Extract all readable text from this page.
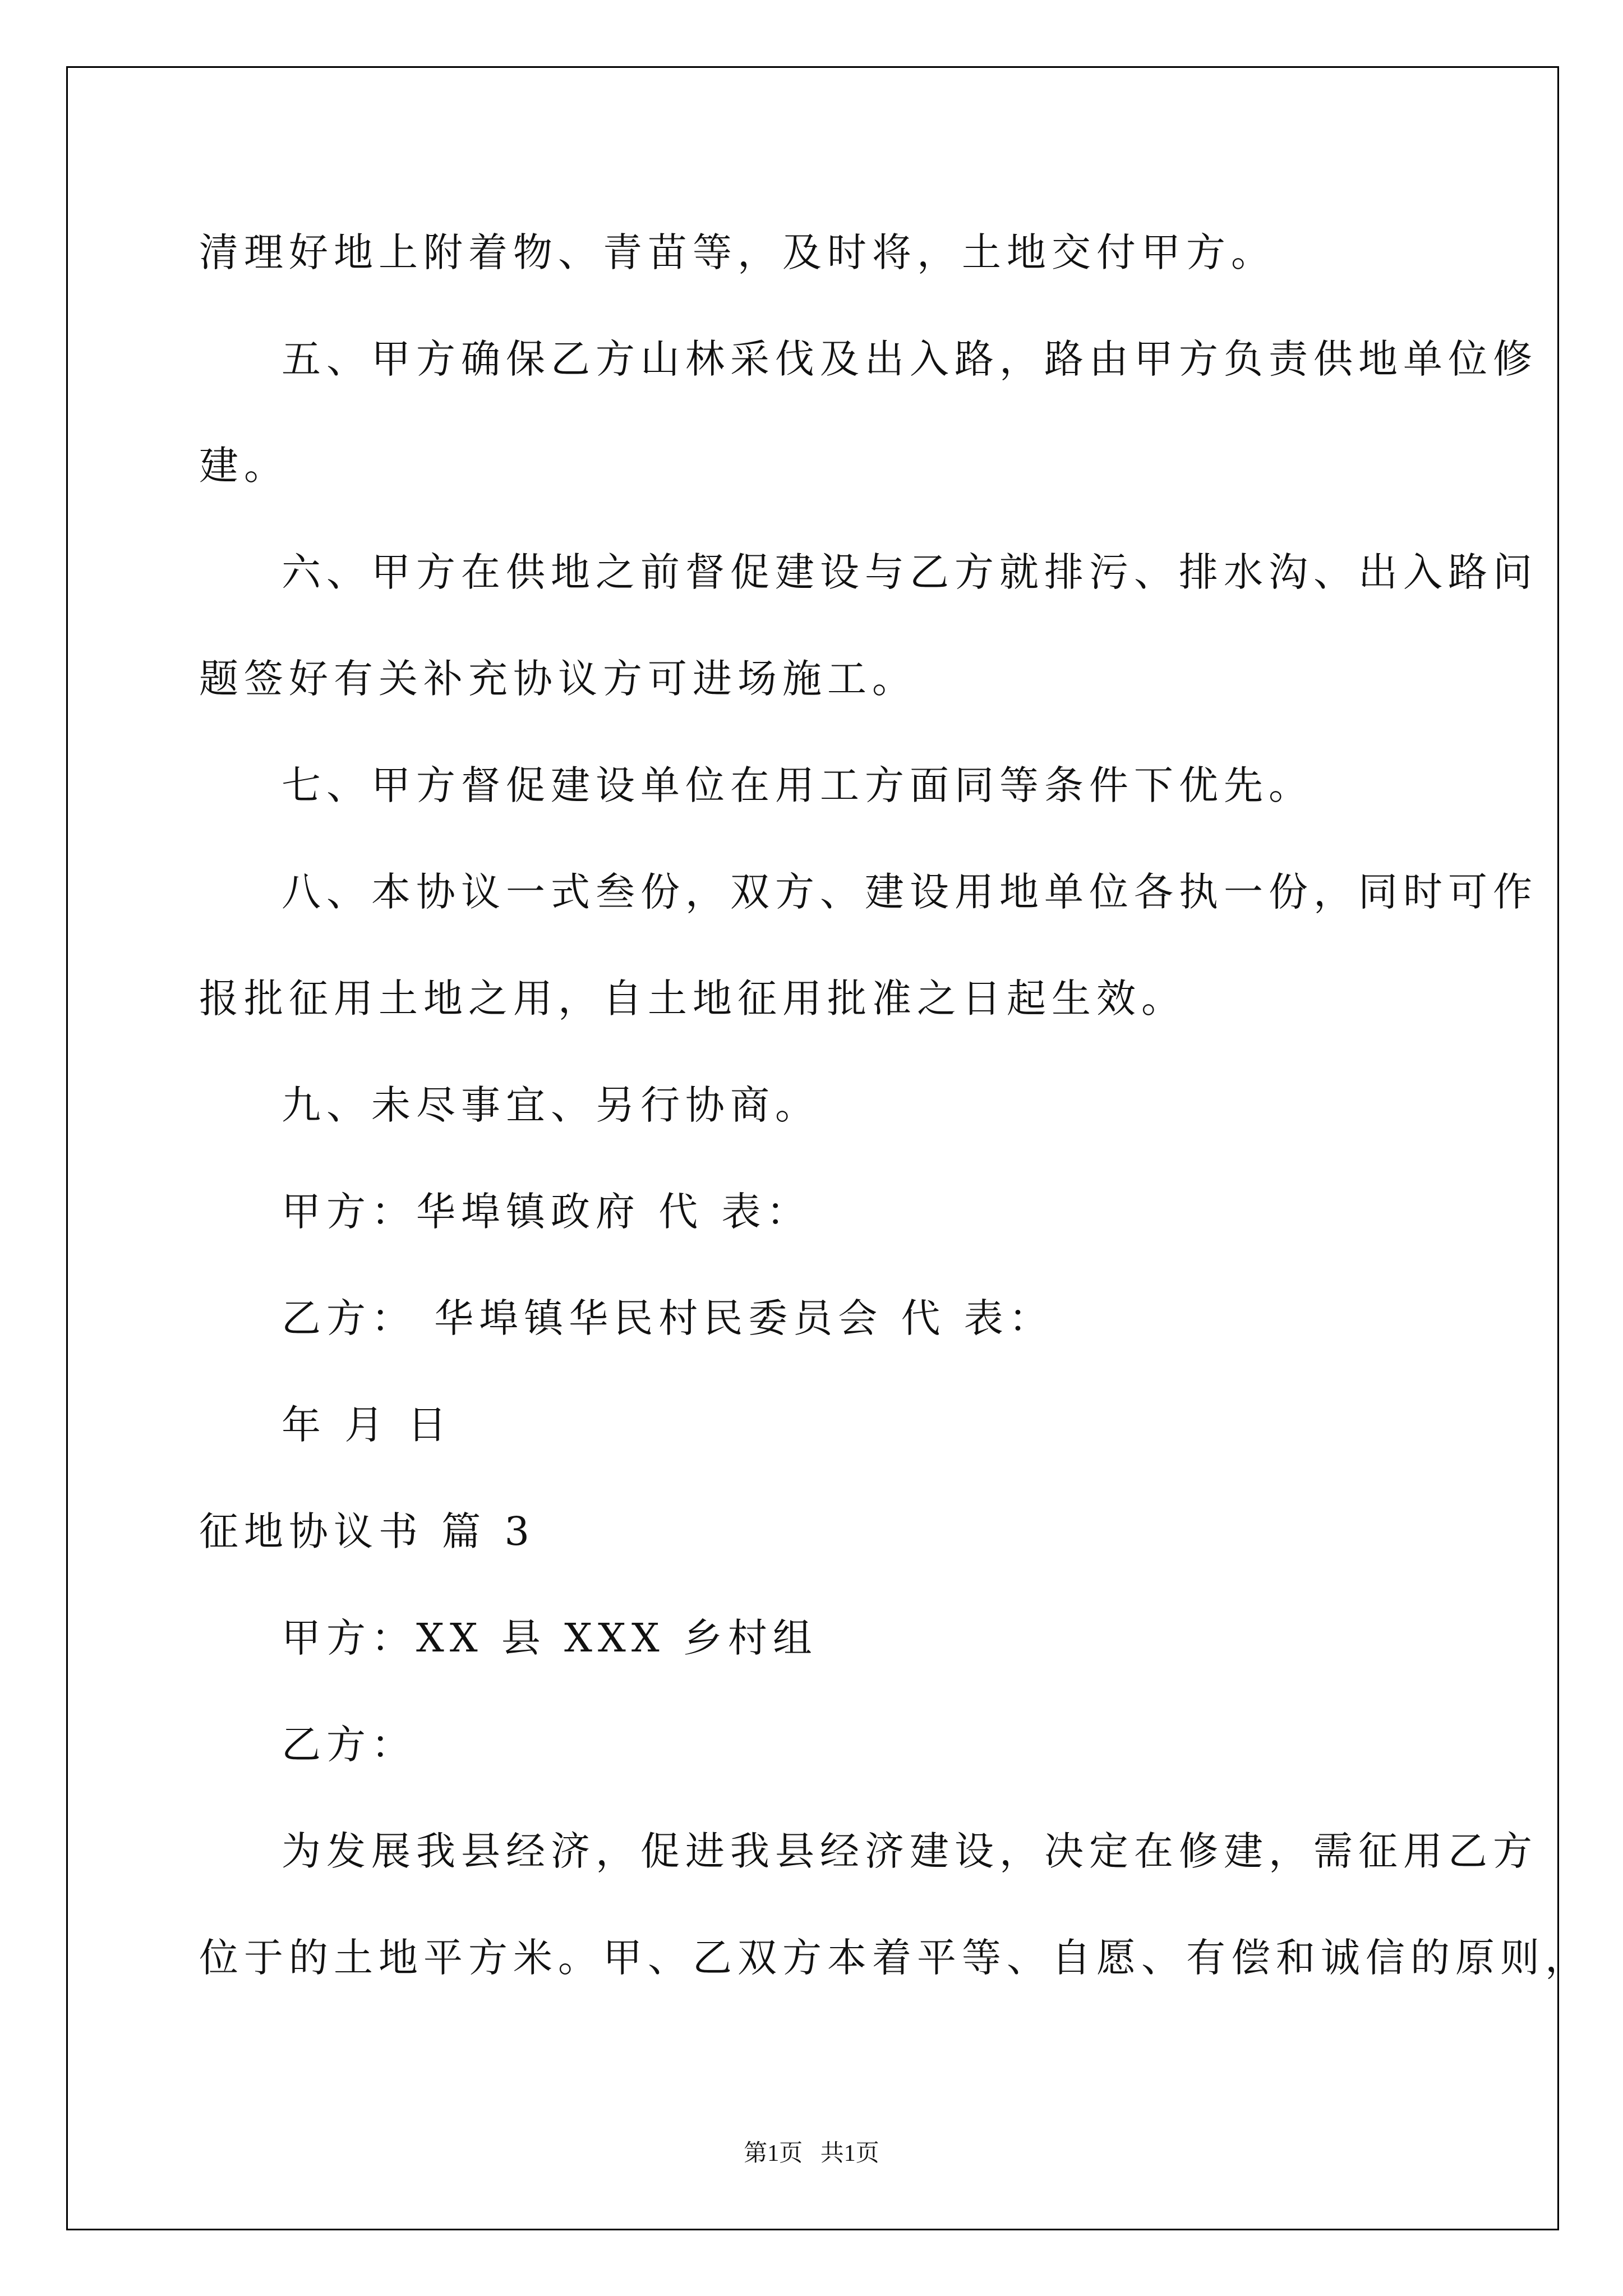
清理好地上附着物、青苗等，及时将，土地交付甲方。
五、甲方确保乙方山林采伐及出入路，路由甲方负责供地单位修
建。
六、甲方在供地之前督促建设与乙方就排污、排水沟、出入路问
题签好有关补充协议方可进场施工。
七、甲方督促建设单位在用工方面同等条件下优先。
八、本协议一式叁份，双方、建设用地单位各执一份，同时可作
报批征用土地之用，自土地征用批准之日起生效。
九、未尽事宜、另行协商。
甲方：华埠镇政府 代 表：
乙方： 华埠镇华民村民委员会 代 表：
年 月 日
征地协议书 篇 3
甲方：XX 县 XXX 乡村组
乙方：
为发展我县经济，促进我县经济建设，决定在修建，需征用乙方
位于的土地平方米。甲、乙双方本着平等、自愿、有偿和诚信的原则，
第1页   共1页
